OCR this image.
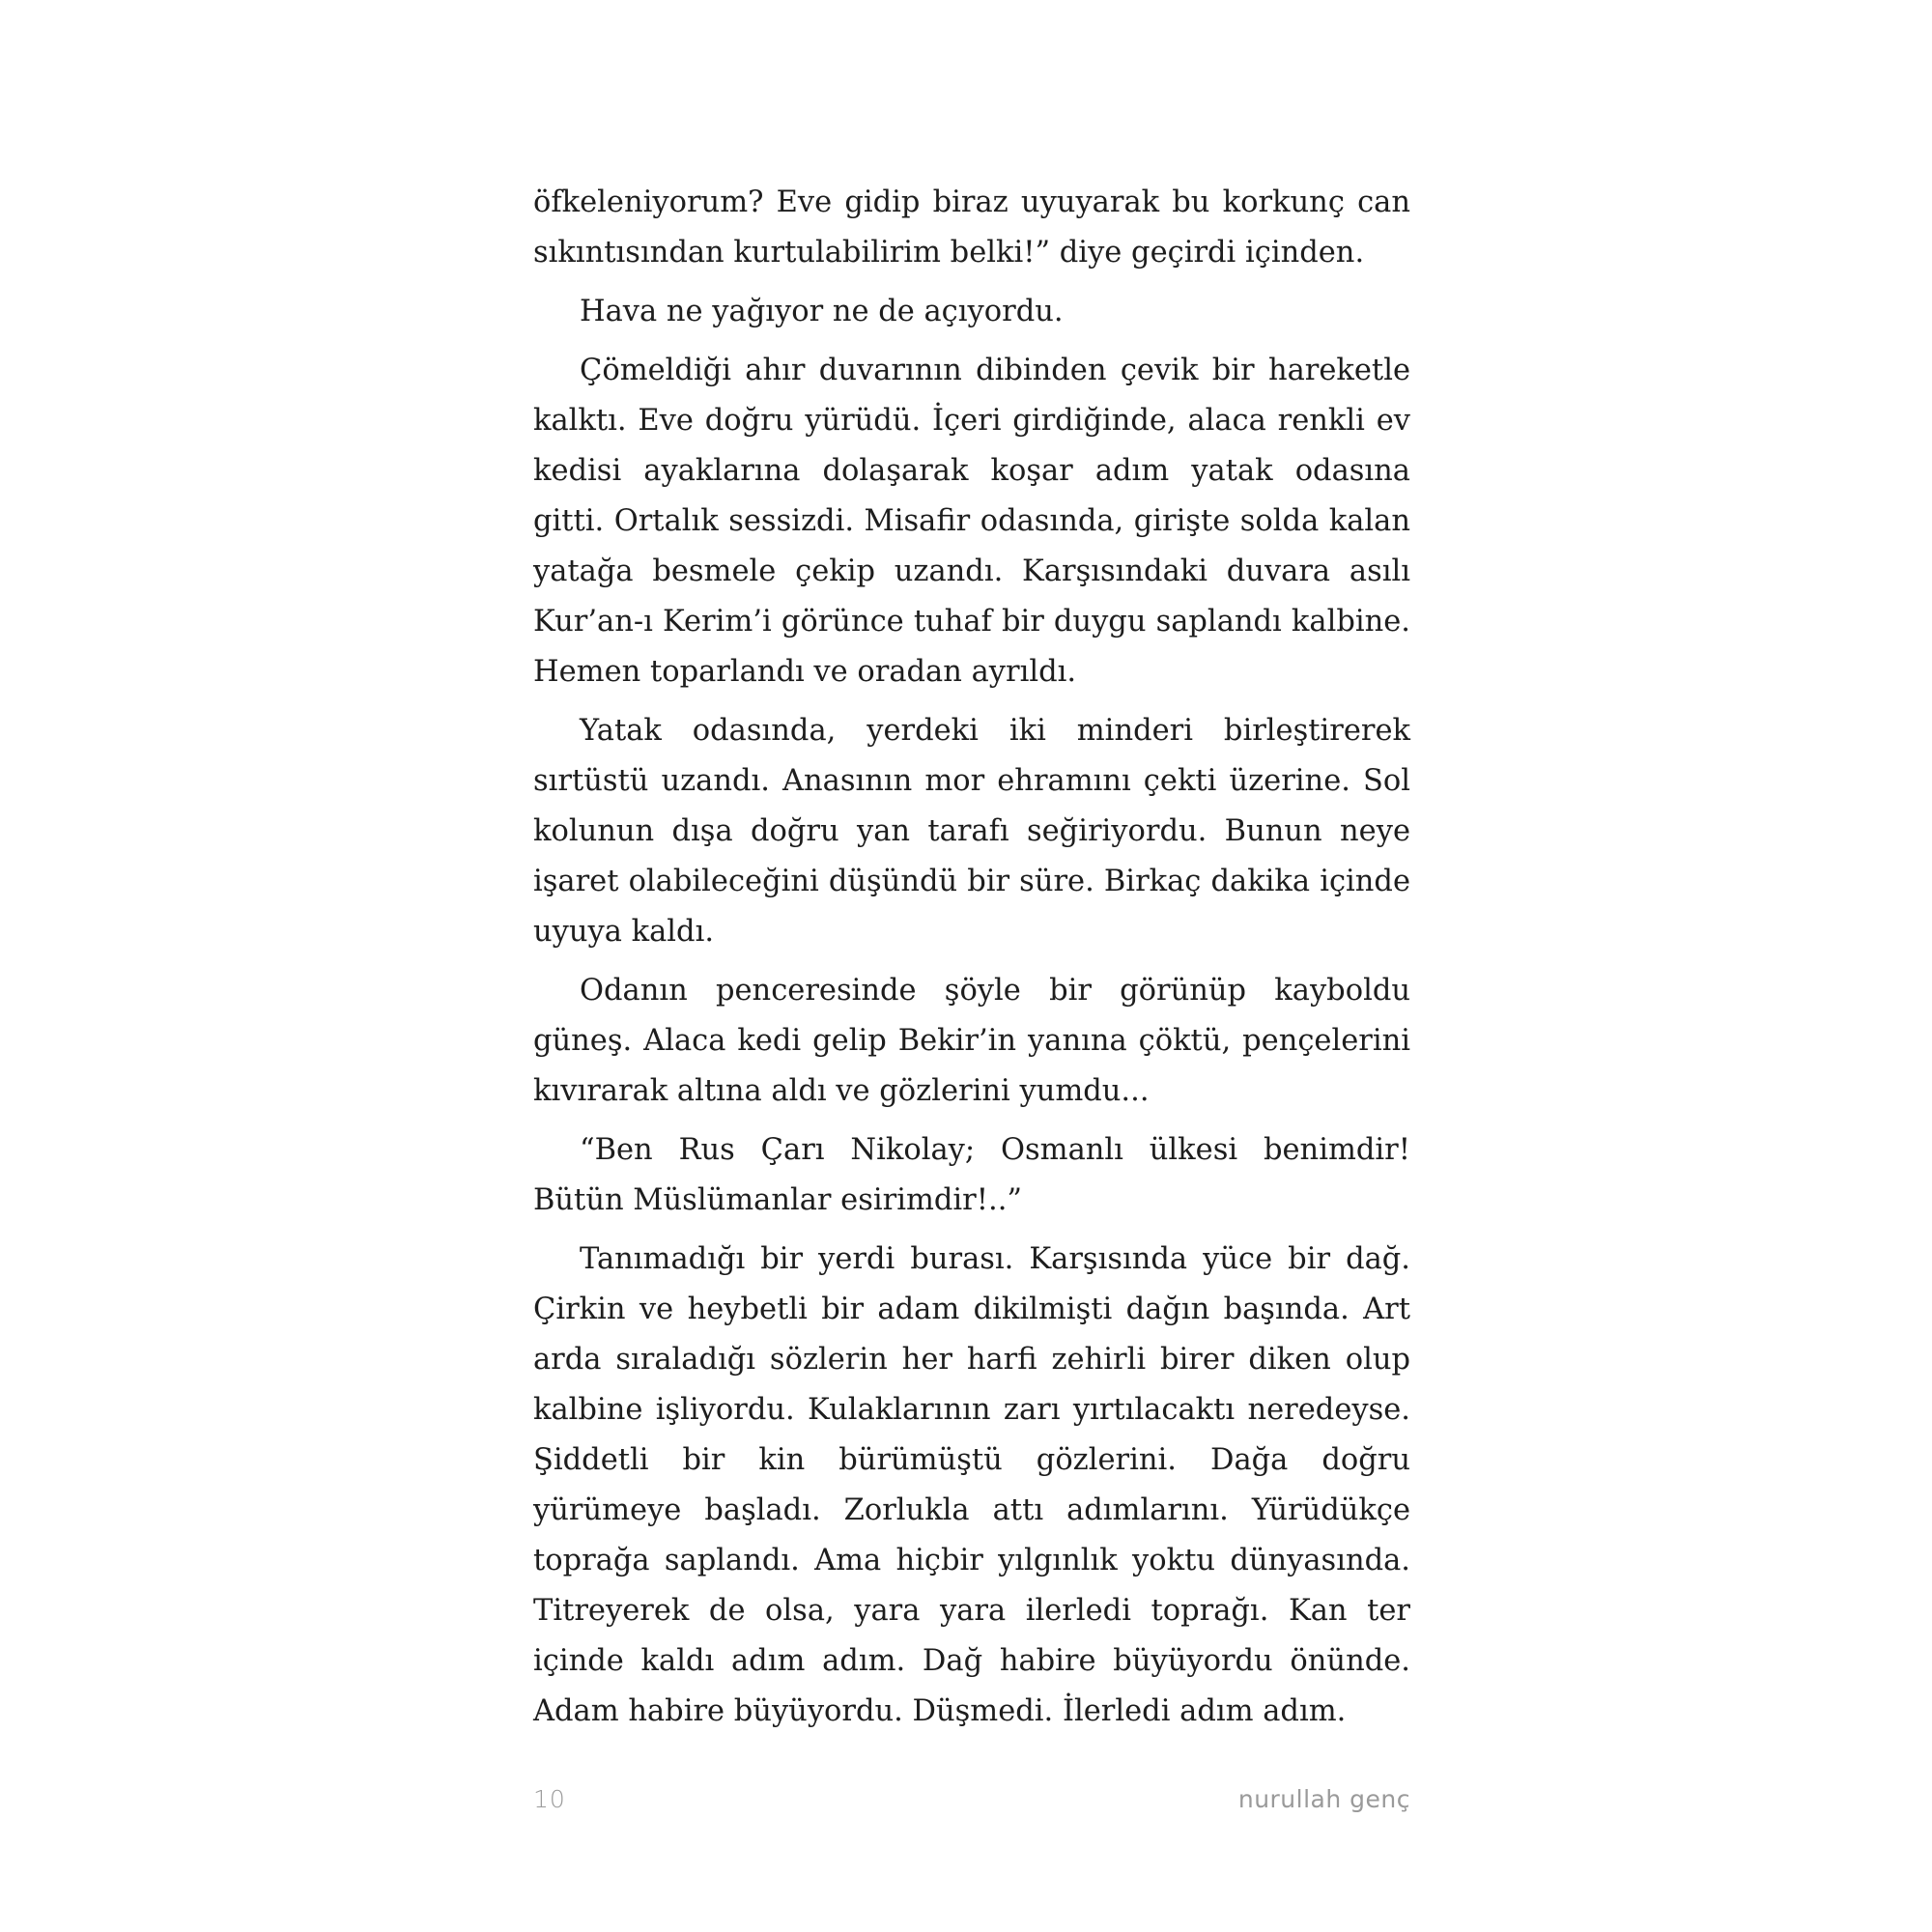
öfkeleniyorum? Eve gidip biraz uyuyarak bu korkunç can sıkıntısından kurtulabilirim belki!” diye geçirdi içinden.

Hava ne yağıyor ne de açıyordu.

Çömeldiği ahır duvarının dibinden çevik bir hareketle kalktı. Eve doğru yürüdü. İçeri girdiğinde, alaca renkli ev kedisi ayaklarına dolaşarak koşar adım yatak odasına gitti. Ortalık sessizdi. Misafir odasında, girişte solda kalan yatağa besmele çekip uzandı. Karşısındaki duvara asılı Kur’an-ı Kerim’i görünce tuhaf bir duygu saplandı kalbine. Hemen toparlandı ve oradan ayrıldı.

Yatak odasında, yerdeki iki minderi birleştirerek sırtüstü uzandı. Anasının mor ehramını çekti üzerine. Sol kolunun dışa doğru yan tarafı seğiriyordu. Bunun neye işaret olabileceğini düşündü bir süre. Birkaç dakika içinde uyuya kaldı.

Odanın penceresinde şöyle bir görünüp kayboldu güneş. Alaca kedi gelip Bekir’in yanına çöktü, pençelerini kıvırarak altına aldı ve gözlerini yumdu...

“Ben Rus Çarı Nikolay; Osmanlı ülkesi benimdir! Bütün Müslümanlar esirimdir!..”

Tanımadığı bir yerdi burası. Karşısında yüce bir dağ. Çirkin ve heybetli bir adam dikilmişti dağın başında. Art arda sıraladığı sözlerin her harfi zehirli birer diken olup kalbine işliyordu. Kulaklarının zarı yırtılacaktı neredeyse. Şiddetli bir kin bürümüştü gözlerini. Dağa doğru yürümeye başladı. Zorlukla attı adımlarını. Yürüdükçe toprağa saplandı. Ama hiçbir yılgınlık yoktu dünyasında. Titreyerek de olsa, yara yara ilerledi toprağı. Kan ter içinde kaldı adım adım. Dağ habire büyüyordu önünde. Adam habire büyüyordu. Düşmedi. İlerledi adım adım.

10	nurullah genç
